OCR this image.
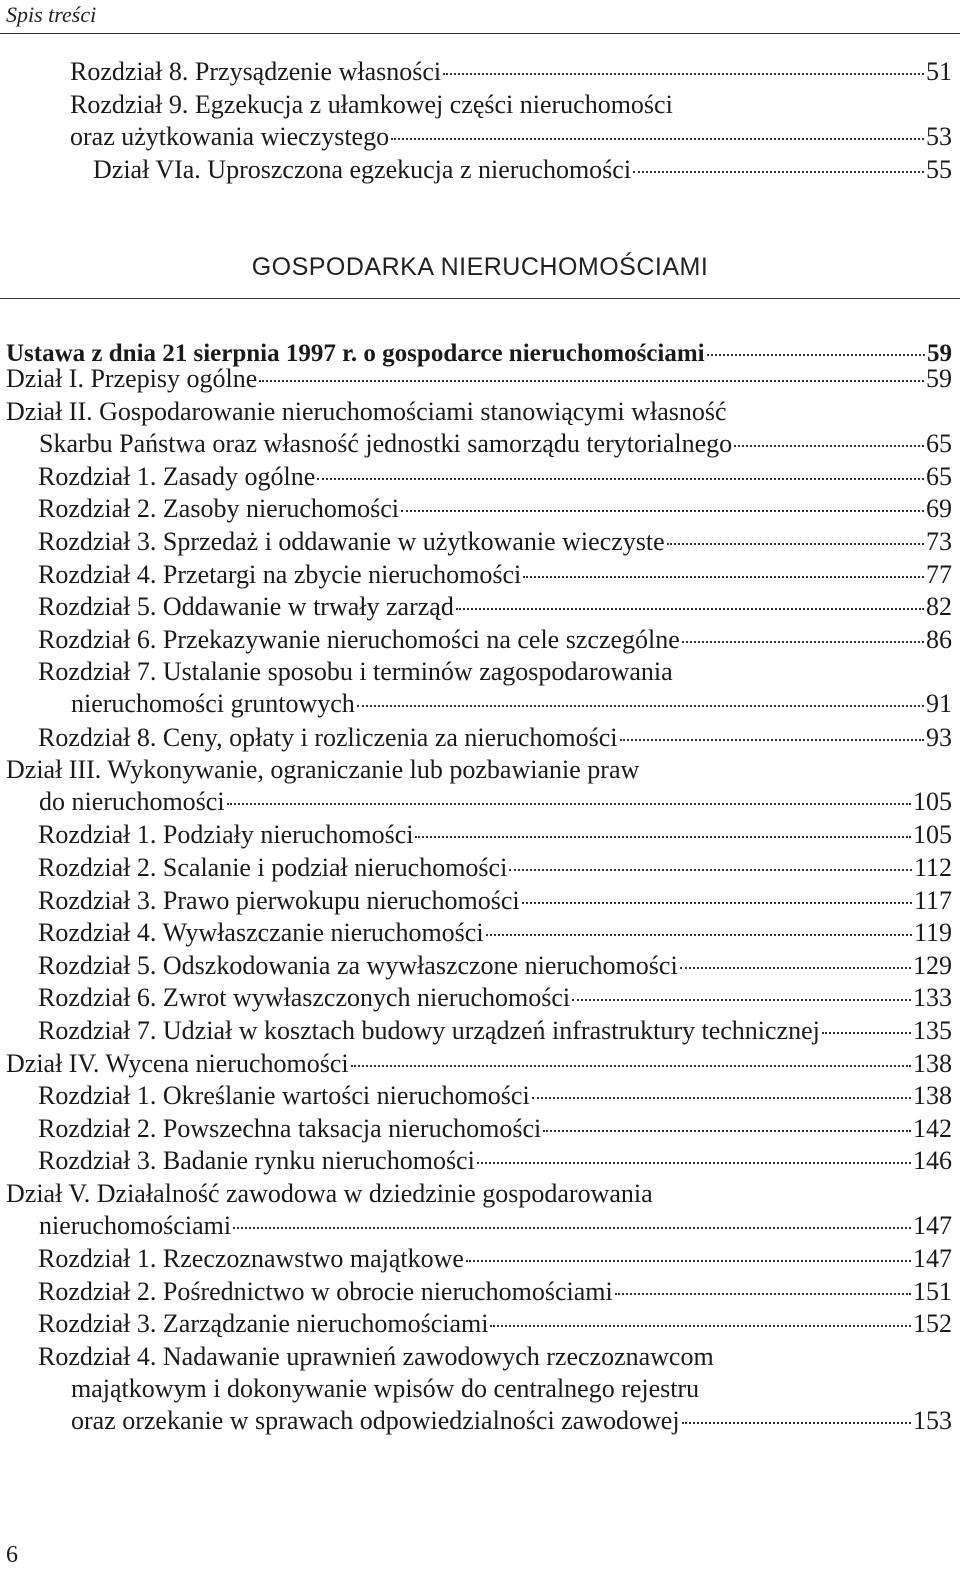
Spis treści
Rozdział 8. Przysądzenie własności	51
Rozdział 9. Egzekucja z ułamkowej części nieruchomości
oraz użytkowania wieczystego	53
Dział VIa. Uproszczona egzekucja z nieruchomości	55
GOSPODARKA NIERUCHOMOŚCIAMI
Ustawa z dnia 21 sierpnia 1997 r. o gospodarce nieruchomościami	59
Dział I. Przepisy ogólne	59
Dział II. Gospodarowanie nieruchomościami stanowiącymi własność
Skarbu Państwa oraz własność jednostki samorządu terytorialnego	65
Rozdział 1. Zasady ogólne	65
Rozdział 2. Zasoby nieruchomości	69
Rozdział 3. Sprzedaż i oddawanie w użytkowanie wieczyste	73
Rozdział 4. Przetargi na zbycie nieruchomości	77
Rozdział 5. Oddawanie w trwały zarząd	82
Rozdział 6. Przekazywanie nieruchomości na cele szczególne	86
Rozdział 7. Ustalanie sposobu i terminów zagospodarowania
nieruchomości gruntowych	91
Rozdział 8. Ceny, opłaty i rozliczenia za nieruchomości	93
Dział III. Wykonywanie, ograniczanie lub pozbawianie praw
do nieruchomości	105
Rozdział 1. Podziały nieruchomości	105
Rozdział 2. Scalanie i podział nieruchomości	112
Rozdział 3. Prawo pierwokupu nieruchomości	117
Rozdział 4. Wywłaszczanie nieruchomości	119
Rozdział 5. Odszkodowania za wywłaszczone nieruchomości	129
Rozdział 6. Zwrot wywłaszczonych nieruchomości	133
Rozdział 7. Udział w kosztach budowy urządzeń infrastruktury technicznej	135
Dział IV. Wycena nieruchomości	138
Rozdział 1. Określanie wartości nieruchomości	138
Rozdział 2. Powszechna taksacja nieruchomości	142
Rozdział 3. Badanie rynku nieruchomości	146
Dział V. Działalność zawodowa w dziedzinie gospodarowania
nieruchomościami	147
Rozdział 1. Rzeczoznawstwo majątkowe	147
Rozdział 2. Pośrednictwo w obrocie nieruchomościami	151
Rozdział 3. Zarządzanie nieruchomościami	152
Rozdział 4. Nadawanie uprawnień zawodowych rzeczoznawcom
majątkowym i dokonywanie wpisów do centralnego rejestru
oraz orzekanie w sprawach odpowiedzialności zawodowej	153
6
